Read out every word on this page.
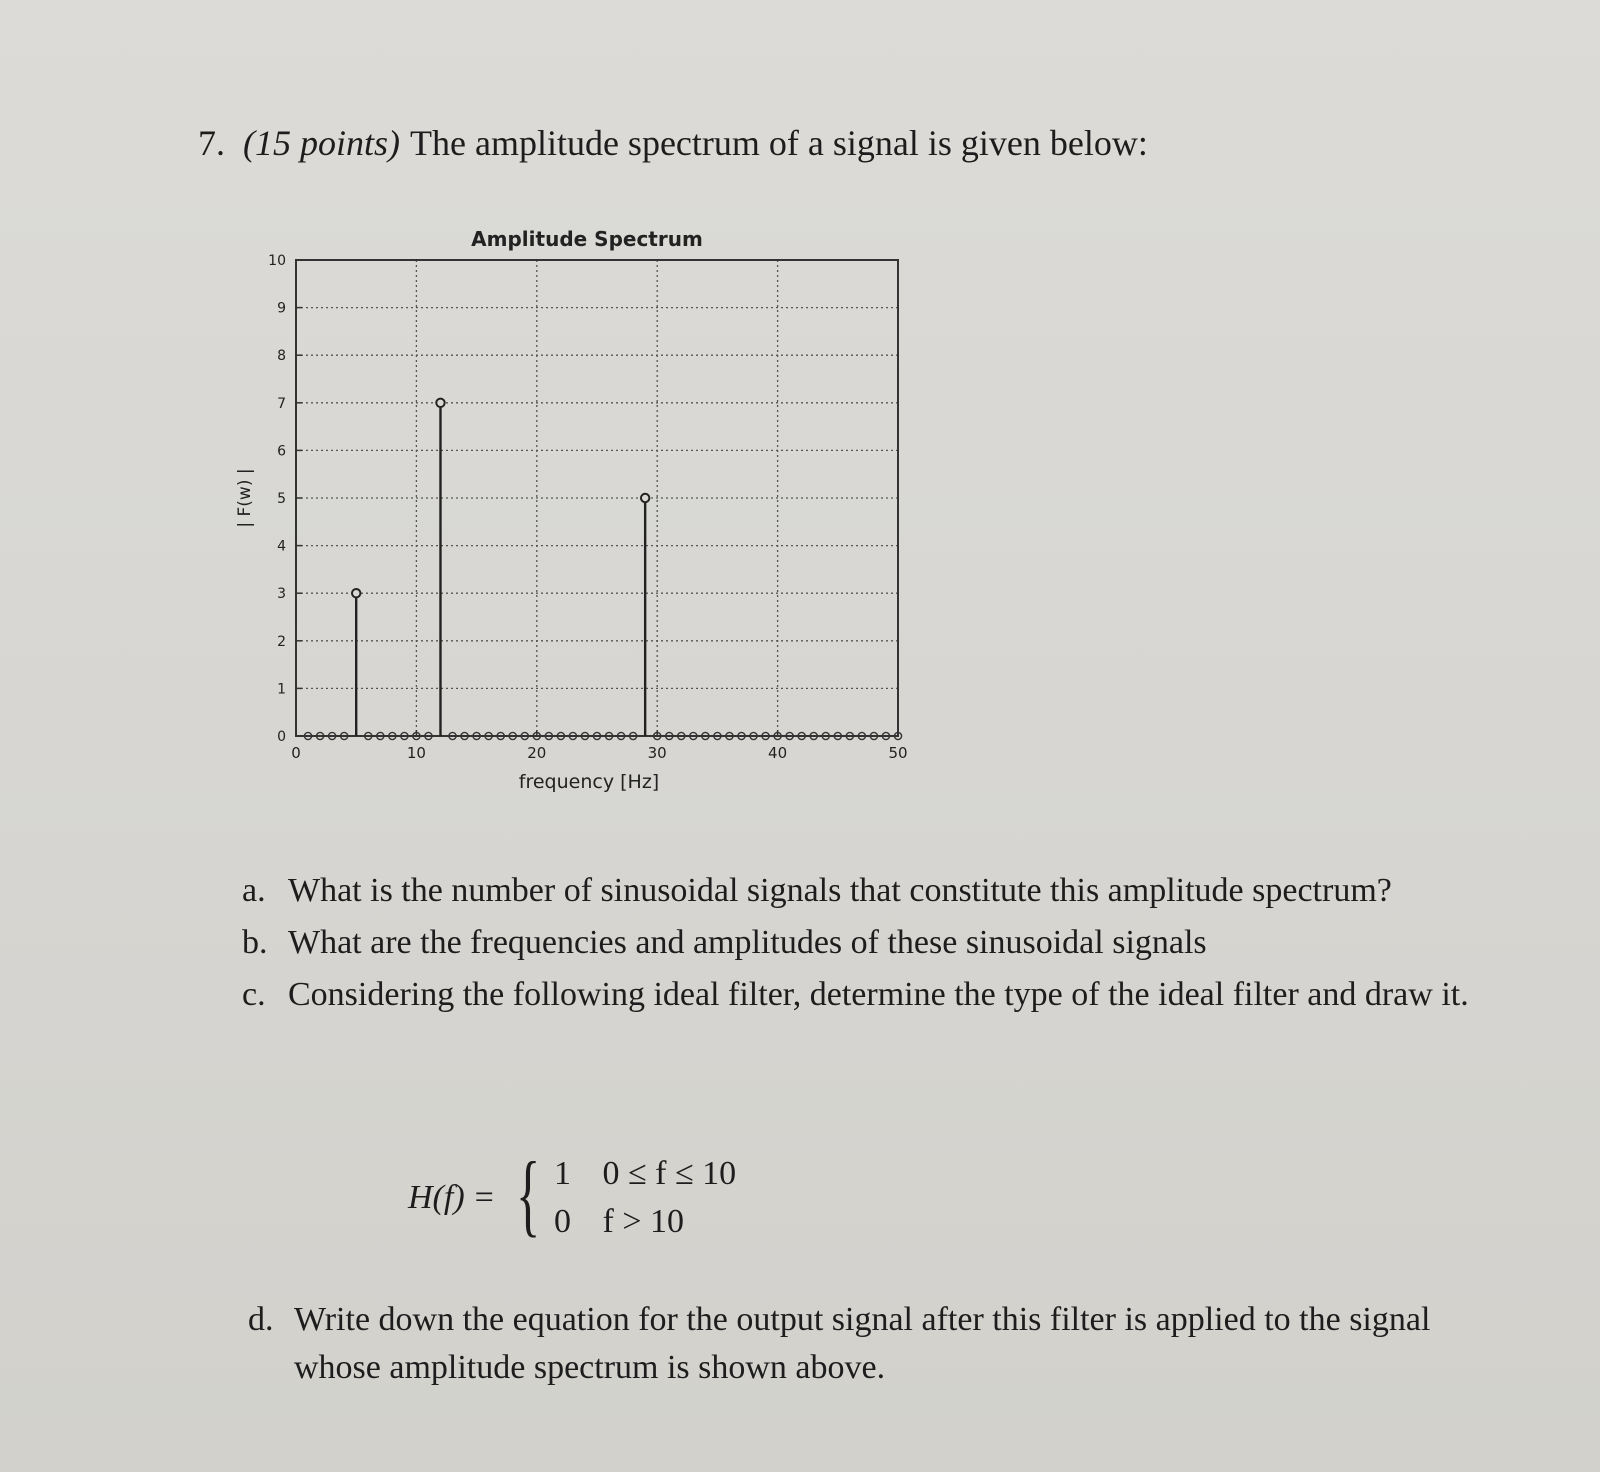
7. (15 points) The amplitude spectrum of a signal is given below:
0
1
2
3
4
5
6
7
8
9
10
0	10	20	30	40	50
Amplitude Spectrum
frequency [Hz]
| F(w) |
a. What is the number of sinusoidal signals that constitute this amplitude spectrum?
b. What are the frequencies and amplitudes of these sinusoidal signals
c. Considering the following ideal filter, determine the type of the ideal filter and draw it.
H(f) = { 1 0 ≤ f ≤ 10
0 f > 10
d. Write down the equation for the output signal after this filter is applied to the signal whose amplitude spectrum is shown above.
